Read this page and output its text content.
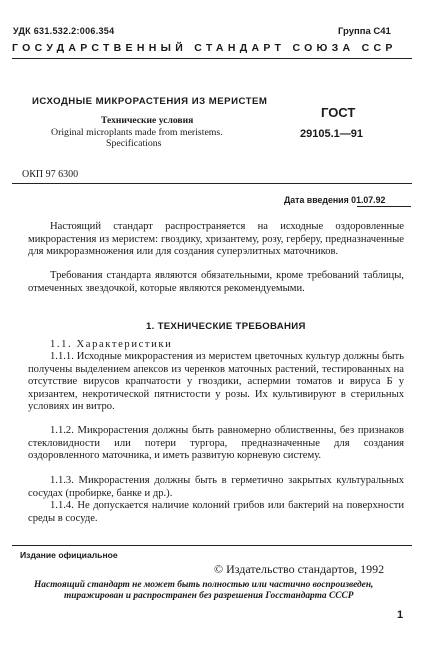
УДК 631.532.2:006.354	Группа С41
ГОСУДАРСТВЕННЫЙ СТАНДАРТ СОЮЗА ССР
ИСХОДНЫЕ МИКРОРАСТЕНИЯ ИЗ МЕРИСТЕМ
Технические условия
Original microplants made from meristems.
Specifications
ГОСТ
29105.1—91
ОКП 97 6300
Дата введения 01.07.92
Настоящий стандарт распространяется на исходные оздоровленные микрорастения из меристем: гвоздику, хризантему, розу, герберу, предназначенные для микроразмножения или для создания суперэлитных маточников.
Требования стандарта являются обязательными, кроме требований таблицы, отмеченных звездочкой, которые являются рекомендуемыми.
1. ТЕХНИЧЕСКИЕ ТРЕБОВАНИЯ
1.1. Характеристики
1.1.1. Исходные микрорастения из меристем цветочных культур должны быть получены выделением апексов из черенков маточных растений, тестированных на отсутствие вирусов крапчатости у гвоздики, аспермии томатов и вируса Б у хризантем, некротической пятнистости у розы. Их культивируют в стерильных условиях ин витро.
1.1.2. Микрорастения должны быть равномерно облиственны, без признаков стекловидности или потери тургора, предназначенные для создания оздоровленного маточника, и иметь развитую корневую систему.
1.1.3. Микрорастения должны быть в герметично закрытых культуральных сосудах (пробирке, банке и др.).
1.1.4. Не допускается наличие колоний грибов или бактерий на поверхности среды в сосуде.
Издание официальное
© Издательство стандартов, 1992
Настоящий стандарт не может быть полностью или частично воспроизведен,
тиражирован и распространен без разрешения Госстандарта СССР
1
